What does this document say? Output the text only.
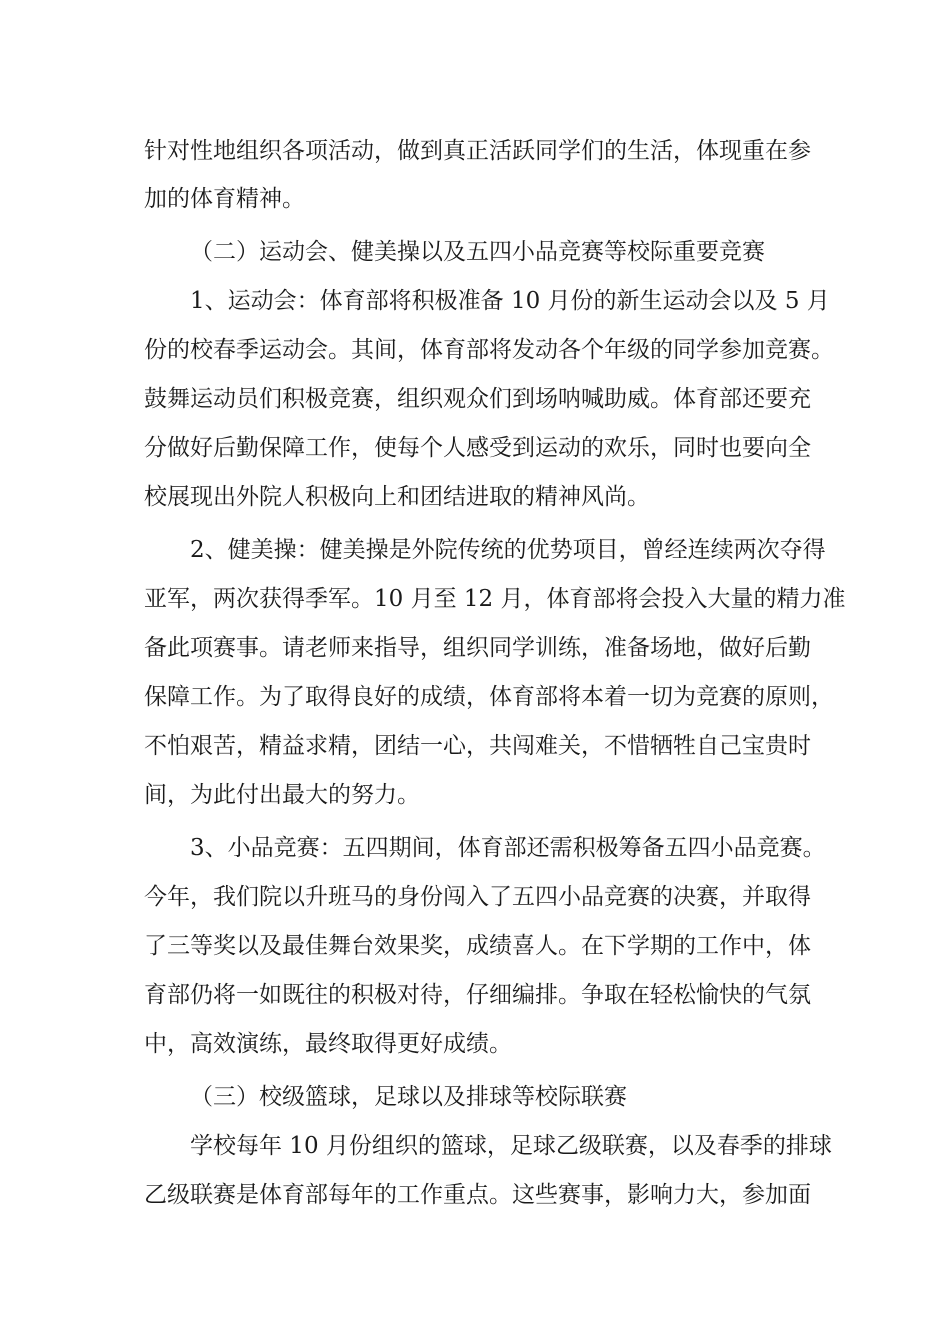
针对性地组织各项活动，做到真正活跃同学们的生活，体现重在参
加的体育精神。
（二）运动会、健美操以及五四小品竞赛等校际重要竞赛
1、运动会：体育部将积极准备 10 月份的新生运动会以及 5 月
份的校春季运动会。其间，体育部将发动各个年级的同学参加竞赛。
鼓舞运动员们积极竞赛，组织观众们到场呐喊助威。体育部还要充
分做好后勤保障工作，使每个人感受到运动的欢乐，同时也要向全
校展现出外院人积极向上和团结进取的精神风尚。
2、健美操：健美操是外院传统的优势项目，曾经连续两次夺得
亚军，两次获得季军。10 月至 12 月，体育部将会投入大量的精力准
备此项赛事。请老师来指导，组织同学训练，准备场地，做好后勤
保障工作。为了取得良好的成绩，体育部将本着一切为竞赛的原则，
不怕艰苦，精益求精，团结一心，共闯难关，不惜牺牲自己宝贵时
间，为此付出最大的努力。
3、小品竞赛：五四期间，体育部还需积极筹备五四小品竞赛。
今年，我们院以升班马的身份闯入了五四小品竞赛的决赛，并取得
了三等奖以及最佳舞台效果奖，成绩喜人。在下学期的工作中，体
育部仍将一如既往的积极对待，仔细编排。争取在轻松愉快的气氛
中，高效演练，最终取得更好成绩。
（三）校级篮球，足球以及排球等校际联赛
学校每年 10 月份组织的篮球，足球乙级联赛，以及春季的排球
乙级联赛是体育部每年的工作重点。这些赛事，影响力大，参加面
